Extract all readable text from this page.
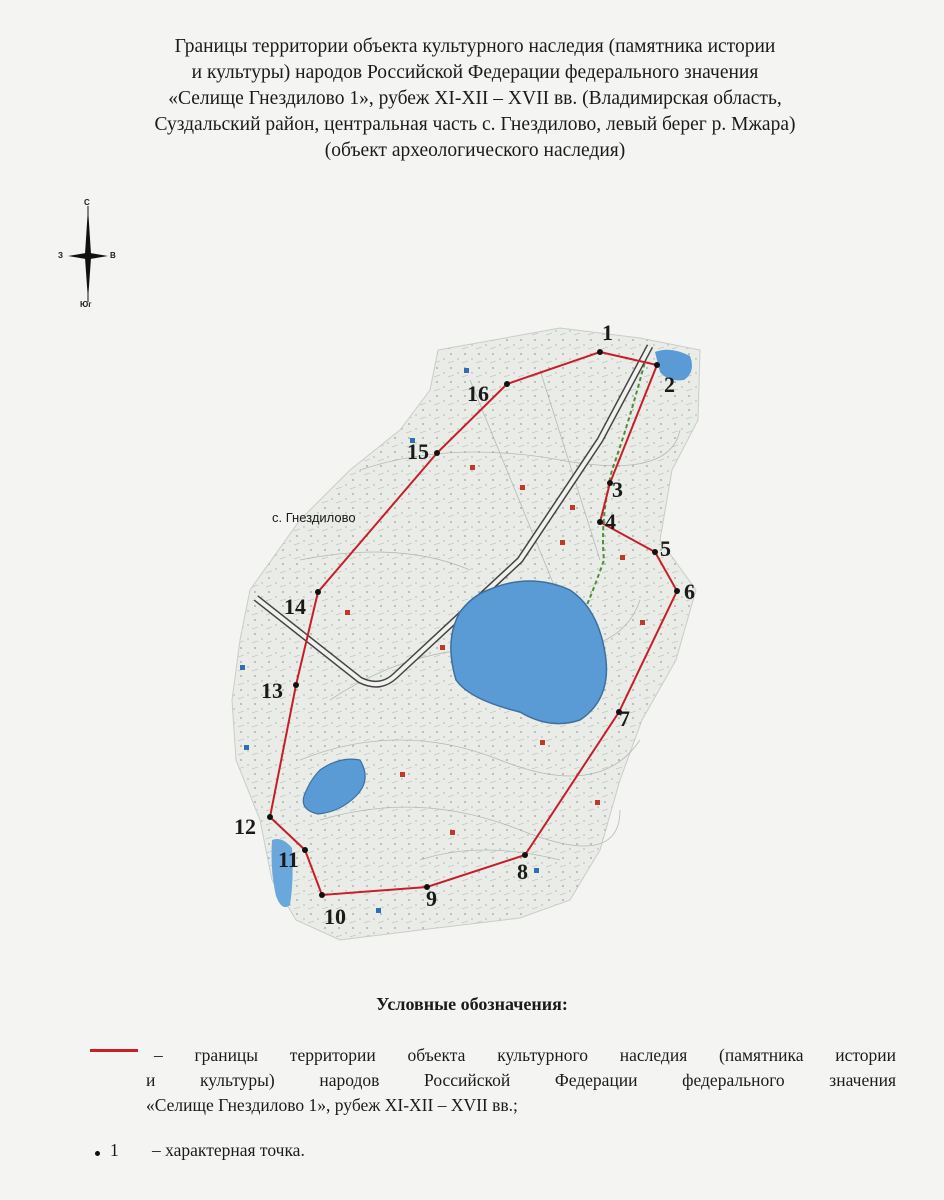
Границы территории объекта культурного наследия (памятника истории
и культуры) народов Российской Федерации федерального значения
«Селище Гнездилово 1», рубеж XI-XII – XVII вв. (Владимирская область,
Суздальский район, центральная часть с. Гнездилово, левый берег р. Мжара)
(объект археологического наследия)
С
Юг
З	В
с. Гнездилово
1
2
3
4
5
6
7
8
9
10
11
12
13
14
15
16
Условные обозначения:
– границы территории объекта культурного наследия (памятника истории
и культуры) народов Российской Федерации федерального значения
«Селище Гнездилово 1», рубеж XI-XII – XVII вв.;
1 – характерная точка.
